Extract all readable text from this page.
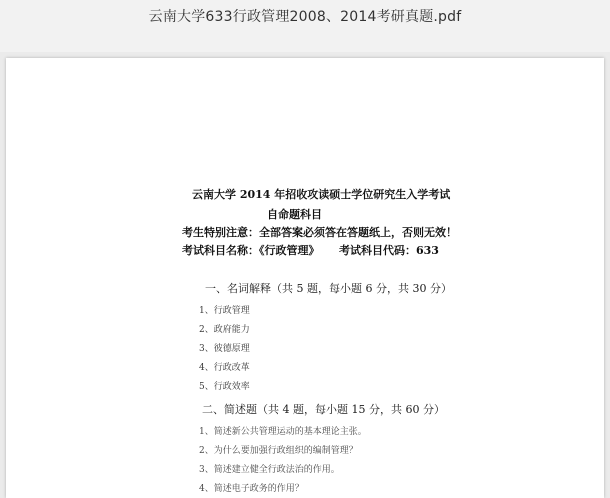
云南大学633行政管理2008、2014考研真题.pdf
云南大学 2014 年招收攻读硕士学位研究生入学考试
自命题科目
考生特别注意：全部答案必须答在答题纸上，否则无效！
考试科目名称：《行政管理》 考试科目代码：633
一、名词解释（共 5 题，每小题 6 分，共 30 分）
1、行政管理
2、政府能力
3、彼德原理
4、行政改革
5、行政效率
二、简述题（共 4 题，每小题 15 分，共 60 分）
1、简述新公共管理运动的基本理论主张。
2、为什么要加强行政组织的编制管理？
3、简述建立健全行政法治的作用。
4、简述电子政务的作用？
